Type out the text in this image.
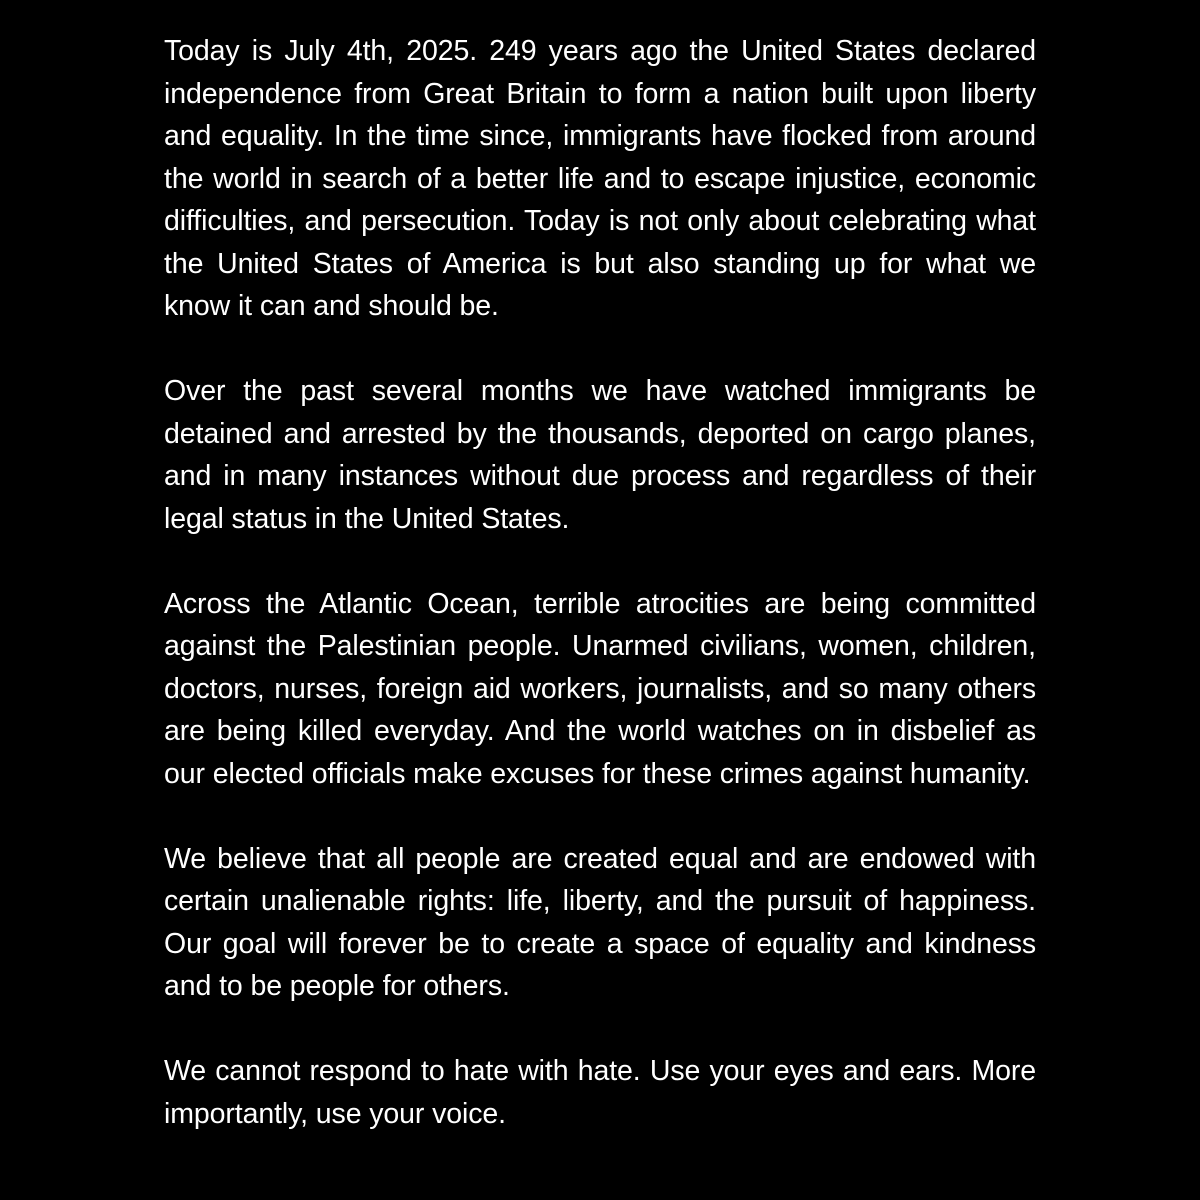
Today is July 4th, 2025. 249 years ago the United States declared independence from Great Britain to form a nation built upon liberty and equality. In the time since, immigrants have flocked from around the world in search of a better life and to escape injustice, economic difficulties, and persecution. Today is not only about celebrating what the United States of America is but also standing up for what we know it can and should be.

Over the past several months we have watched immigrants be detained and arrested by the thousands, deported on cargo planes, and in many instances without due process and regardless of their legal status in the United States.

Across the Atlantic Ocean, terrible atrocities are being committed against the Palestinian people. Unarmed civilians, women, children, doctors, nurses, foreign aid workers, journalists, and so many others are being killed everyday. And the world watches on in disbelief as our elected officials make excuses for these crimes against humanity.

We believe that all people are created equal and are endowed with certain unalienable rights: life, liberty, and the pursuit of happiness. Our goal will forever be to create a space of equality and kindness and to be people for others.

We cannot respond to hate with hate. Use your eyes and ears. More importantly, use your voice.
